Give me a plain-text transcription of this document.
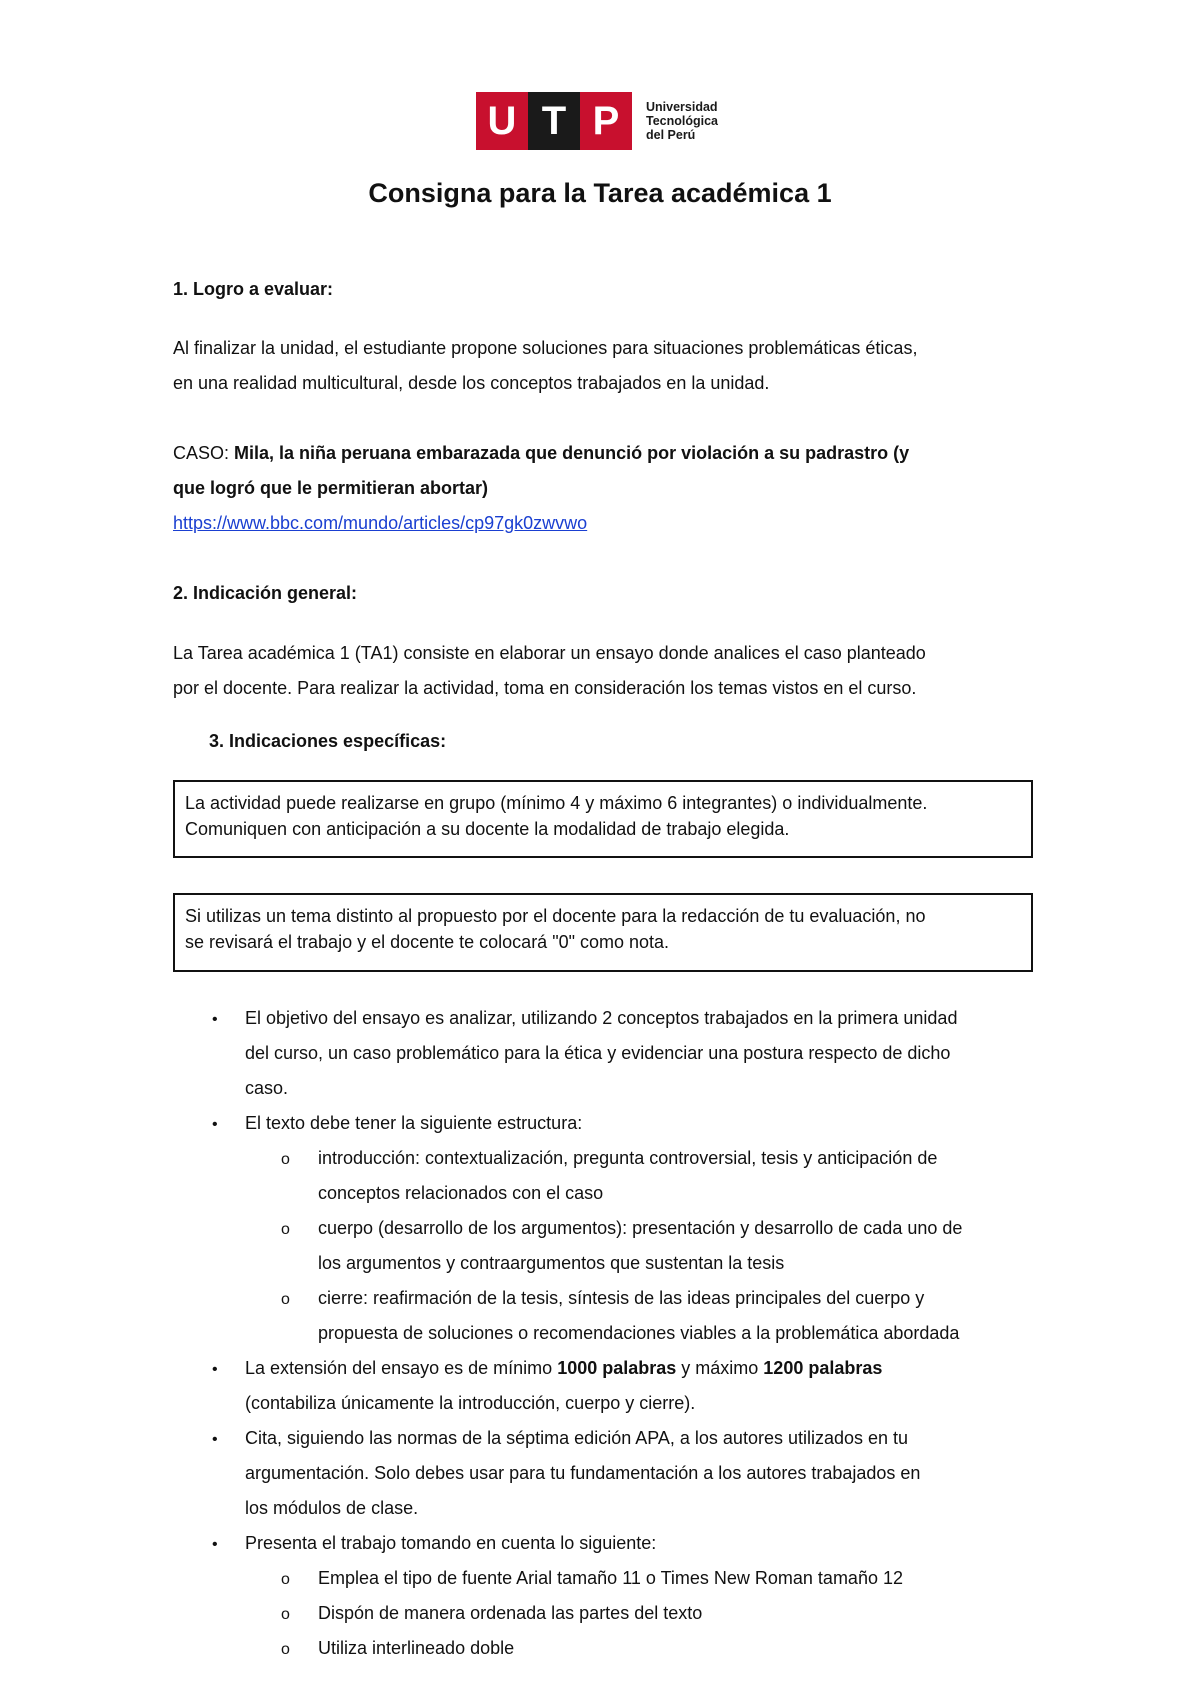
U T P	Universidad
Tecnológica
del Perú
Consigna para la Tarea académica 1
1. Logro a evaluar:
Al finalizar la unidad, el estudiante propone soluciones para situaciones problemáticas éticas,
en una realidad multicultural, desde los conceptos trabajados en la unidad.
CASO: Mila, la niña peruana embarazada que denunció por violación a su padrastro (y
que logró que le permitieran abortar)
https://www.bbc.com/mundo/articles/cp97gk0zwvwo
2. Indicación general:
La Tarea académica 1 (TA1) consiste en elaborar un ensayo donde analices el caso planteado
por el docente. Para realizar la actividad, toma en consideración los temas vistos en el curso.
3. Indicaciones específicas:
La actividad puede realizarse en grupo (mínimo 4 y máximo 6 integrantes) o individualmente.
Comuniquen con anticipación a su docente la modalidad de trabajo elegida.
Si utilizas un tema distinto al propuesto por el docente para la redacción de tu evaluación, no
se revisará el trabajo y el docente te colocará "0" como nota.
• El objetivo del ensayo es analizar, utilizando 2 conceptos trabajados en la primera unidad
del curso, un caso problemático para la ética y evidenciar una postura respecto de dicho
caso.
• El texto debe tener la siguiente estructura:
o introducción: contextualización, pregunta controversial, tesis y anticipación de
conceptos relacionados con el caso
o cuerpo (desarrollo de los argumentos): presentación y desarrollo de cada uno de
los argumentos y contraargumentos que sustentan la tesis
o cierre: reafirmación de la tesis, síntesis de las ideas principales del cuerpo y
propuesta de soluciones o recomendaciones viables a la problemática abordada
• La extensión del ensayo es de mínimo 1000 palabras y máximo 1200 palabras
(contabiliza únicamente la introducción, cuerpo y cierre).
• Cita, siguiendo las normas de la séptima edición APA, a los autores utilizados en tu
argumentación. Solo debes usar para tu fundamentación a los autores trabajados en
los módulos de clase.
• Presenta el trabajo tomando en cuenta lo siguiente:
o Emplea el tipo de fuente Arial tamaño 11 o Times New Roman tamaño 12
o Dispón de manera ordenada las partes del texto
o Utiliza interlineado doble
